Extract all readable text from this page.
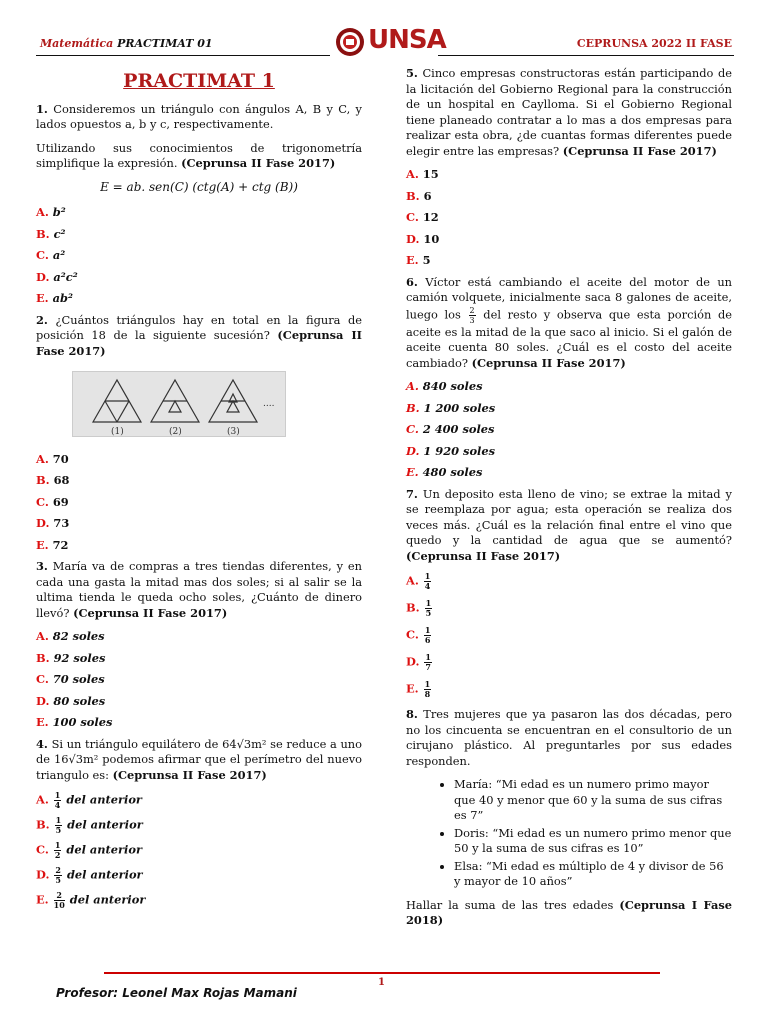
Matemática PRACTIMAT 01	UNSA	CEPRUNSA 2022 II FASE
PRACTIMAT 1

1. Consideremos un triángulo con ángulos A, B y C, y lados opuestos a, b y c, respectivamente.

Utilizando sus conocimientos de trigonometría simplifique la expresión. (Ceprunsa II Fase 2017)

E = ab. sen(C) (ctg(A) + ctg (B))
A. b²
B. c²
C. a²
D. a²c²
E. ab²

2. ¿Cuántos triángulos hay en total en la figura de posición 18 de la siguiente sucesión? (Ceprunsa II Fase 2017)

(1)	(2)	(3)
....
A. 70
B. 68
C. 69
D. 73
E. 72

3. María va de compras a tres tiendas diferentes, y en cada una gasta la mitad mas dos soles; si al salir se la ultima tienda le queda ocho soles, ¿Cuánto de dinero llevó? (Ceprunsa II Fase 2017)

A. 82 soles
B. 92 soles
C. 70 soles
D. 80 soles
E. 100 soles

4. Si un triángulo equilátero de 64√3m² se reduce a uno de 16√3m² podemos afirmar que el perímetro del nuevo triangulo es: (Ceprunsa II Fase 2017)

A. $\frac{1}{4}$ del anterior
B. $\frac{1}{5}$ del anterior
C. $\frac{1}{2}$ del anterior
D. $\frac{2}{5}$ del anterior
E. $\frac{2}{10}$ del anterior

5. Cinco empresas constructoras están participando de la licitación del Gobierno Regional para la construcción de un hospital en Caylloma. Si el Gobierno Regional tiene planeado contratar a lo mas a dos empresas para realizar esta obra, ¿de cuantas formas diferentes puede elegir entre las empresas? (Ceprunsa II Fase 2017)

A. 15
B. 6
C. 12
D. 10
E. 5

6. Víctor está cambiando el aceite del motor de un camión volquete, inicialmente saca 8 galones de aceite, luego los $\frac{2}{3}$ del resto y observa que esta porción de aceite es la mitad de la que saco al inicio. Si el galón de aceite cuenta 80 soles. ¿Cuál es el costo del aceite cambiado? (Ceprunsa II Fase 2017)

A. 840 soles
B. 1 200 soles
C. 2 400 soles
D. 1 920 soles
E. 480 soles

7. Un deposito esta lleno de vino; se extrae la mitad y se reemplaza por agua; esta operación se realiza dos veces más. ¿Cuál es la relación final entre el vino que quedo y la cantidad de agua que se aumentó? (Ceprunsa II Fase 2017)

A. $\frac{1}{4}$
B. $\frac{1}{5}$
C. $\frac{1}{6}$
D. $\frac{1}{7}$
E. $\frac{1}{8}$

8. Tres mujeres que ya pasaron las dos décadas, pero no los cincuenta se encuentran en el consultorio de un cirujano plástico. Al preguntarles por sus edades responden.

• María: “Mi edad es un numero primo mayor que 40 y menor que 60 y la suma de sus cifras es 7”
• Doris: “Mi edad es un numero primo menor que 50 y la suma de sus cifras es 10”
• Elsa: “Mi edad es múltiplo de 4 y divisor de 56 y mayor de 10 años”

Hallar la suma de las tres edades (Ceprunsa I Fase 2018)

1
Profesor: Leonel Max Rojas Mamani
